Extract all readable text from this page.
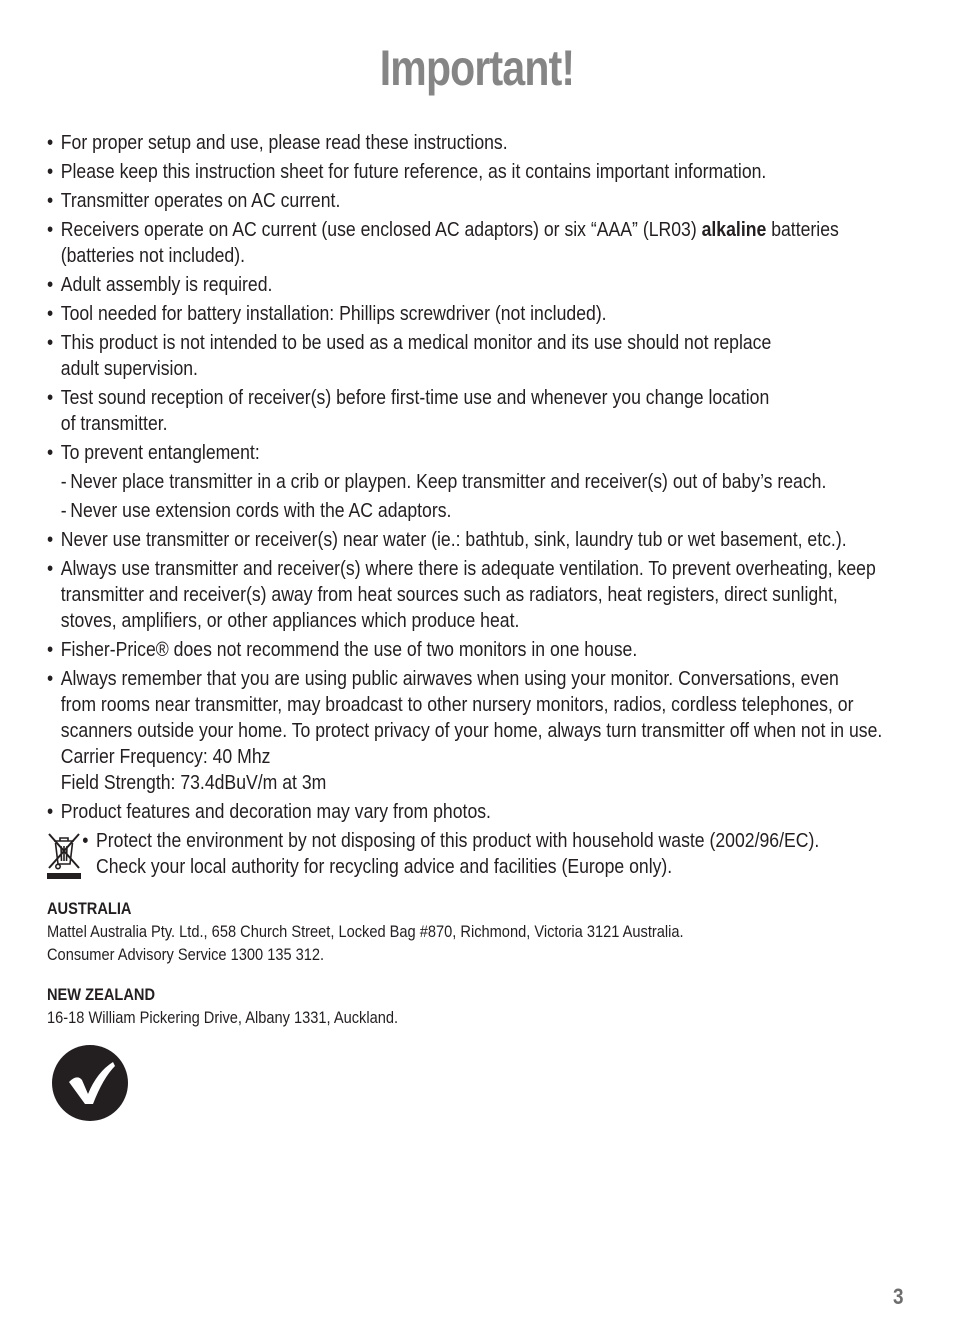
Important!
• For proper setup and use, please read these instructions.
• Please keep this instruction sheet for future reference, as it contains important information.
• Transmitter operates on AC current.
• Receivers operate on AC current (use enclosed AC adaptors) or six “AAA” (LR03) alkaline batteries
(batteries not included).
• Adult assembly is required.
• Tool needed for battery installation: Phillips screwdriver (not included).
• This product is not intended to be used as a medical monitor and its use should not replace
adult supervision.
• Test sound reception of receiver(s) before first-time use and whenever you change location
of transmitter.
• To prevent entanglement:
- Never place transmitter in a crib or playpen. Keep transmitter and receiver(s) out of baby’s reach.
- Never use extension cords with the AC adaptors.
• Never use transmitter or receiver(s) near water (ie.: bathtub, sink, laundry tub or wet basement, etc.).
• Always use transmitter and receiver(s) where there is adequate ventilation. To prevent overheating, keep
transmitter and receiver(s) away from heat sources such as radiators, heat registers, direct sunlight,
stoves, amplifiers, or other appliances which produce heat.
• Fisher-Price® does not recommend the use of two monitors in one house.
• Always remember that you are using public airwaves when using your monitor. Conversations, even
from rooms near transmitter, may broadcast to other nursery monitors, radios, cordless telephones, or
scanners outside your home. To protect privacy of your home, always turn transmitter off when not in use.
Carrier Frequency: 40 Mhz
Field Strength: 73.4dBuV/m at 3m
• Product features and decoration may vary from photos.
• Protect the environment by not disposing of this product with household waste (2002/96/EC).
Check your local authority for recycling advice and facilities (Europe only).
AUSTRALIA
Mattel Australia Pty. Ltd., 658 Church Street, Locked Bag #870, Richmond, Victoria 3121 Australia.
Consumer Advisory Service 1300 135 312.
NEW ZEALAND
16-18 William Pickering Drive, Albany 1331, Auckland.
3
